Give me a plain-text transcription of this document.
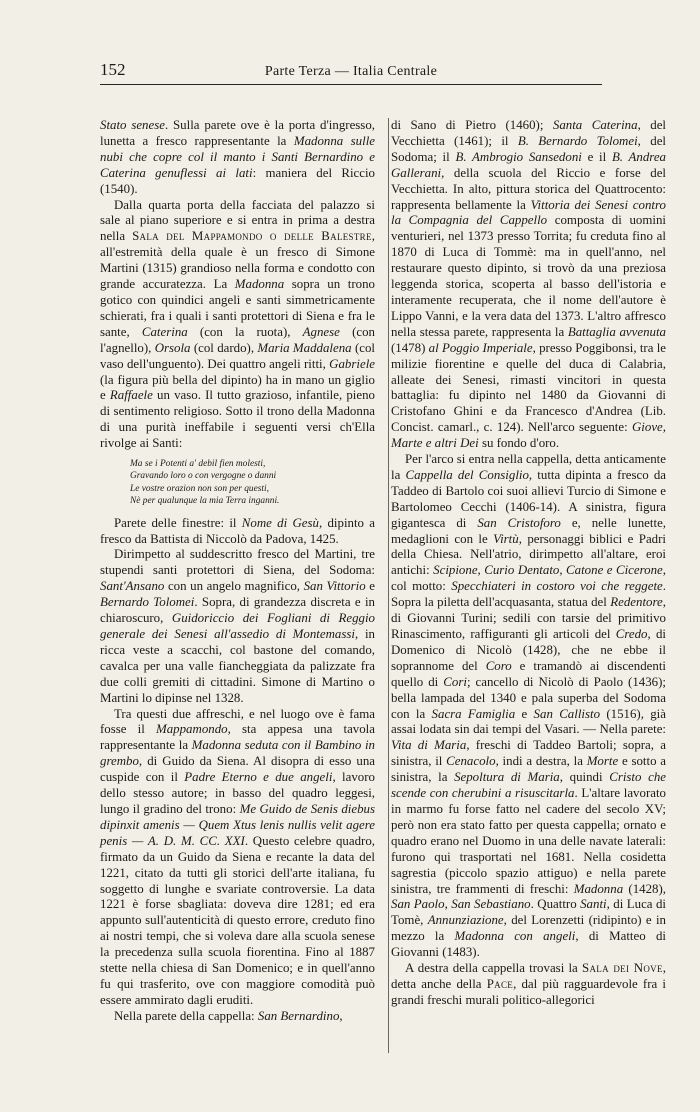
152	Parte Terza — Italia Centrale

Stato senese. Sulla parete ove è la porta d'ingresso, lunetta a fresco rappresentante la Madonna sulle nubi che copre col il manto i Santi Bernardino e Caterina genuflessi ai lati: maniera del Riccio (1540).

Dalla quarta porta della facciata del palazzo si sale al piano superiore e si entra in prima a destra nella Sala del Mappamondo o delle Balestre, all'estremità della quale è un fresco di Simone Martini (1315) grandioso nella forma e condotto con grande accuratezza. La Madonna sopra un trono gotico con quindici angeli e santi simmetricamente schierati, fra i quali i santi protettori di Siena e fra le sante, Caterina (con la ruota), Agnese (con l'agnello), Orsola (col dardo), Maria Maddalena (col vaso dell'unguento). Dei quattro angeli ritti, Gabriele (la figura più bella del dipinto) ha in mano un giglio e Raffaele un vaso. Il tutto grazioso, infantile, pieno di sentimento religioso. Sotto il trono della Madonna di una purità ineffabile i seguenti versi ch'Ella rivolge ai Santi:

Ma se i Potenti a' debil fien molesti,
Gravando loro o con vergogne o danni
Le vostre orazion non son per questi,
Nè per qualunque la mia Terra inganni.

Parete delle finestre: il Nome di Gesù, dipinto a fresco da Battista di Niccolò da Padova, 1425.

Dirimpetto al suddescritto fresco del Martini, tre stupendi santi protettori di Siena, del Sodoma: Sant'Ansano con un angelo magnifico, San Vittorio e Bernardo Tolomei. Sopra, di grandezza discreta e in chiaroscuro, Guidoriccio dei Fogliani di Reggio generale dei Senesi all'assedio di Montemassi, in ricca veste a scacchi, col bastone del comando, cavalca per una valle fiancheggiata da palizzate fra due colli gremiti di cittadini. Simone di Martino o Martini lo dipinse nel 1328.

Tra questi due affreschi, e nel luogo ove è fama fosse il Mappamondo, sta appesa una tavola rappresentante la Madonna seduta con il Bambino in grembo, di Guido da Siena. Al disopra di esso una cuspide con il Padre Eterno e due angeli, lavoro dello stesso autore; in basso del quadro leggesi, lungo il gradino del trono: Me Guido de Senis diebus dipinxit amenis — Quem Xtus lenis nullis velit agere penis — A. D. M. CC. XXI. Questo celebre quadro, firmato da un Guido da Siena e recante la data del 1221, citato da tutti gli storici dell'arte italiana, fu soggetto di lunghe e svariate controversie. La data 1221 è forse sbagliata: doveva dire 1281; ed era appunto sull'autenticità di questo errore, creduto fino ai nostri tempi, che si voleva dare alla scuola senese la precedenza sulla scuola fiorentina. Fino al 1887 stette nella chiesa di San Domenico; e in quell'anno fu qui trasferito, ove con maggiore comodità può essere ammirato dagli eruditi.

Nella parete della cappella: San Bernardino,

di Sano di Pietro (1460); Santa Caterina, del Vecchietta (1461); il B. Bernardo Tolomei, del Sodoma; il B. Ambrogio Sansedoni e il B. Andrea Gallerani, della scuola del Riccio e forse del Vecchietta. In alto, pittura storica del Quattrocento: rappresenta bellamente la Vittoria dei Senesi contro la Compagnia del Cappello composta di uomini venturieri, nel 1373 presso Torrita; fu creduta fino al 1870 di Luca di Tommè: ma in quell'anno, nel restaurare questo dipinto, si trovò da una preziosa leggenda storica, scoperta al basso dell'istoria e interamente recuperata, che il nome dell'autore è Lippo Vanni, e la vera data del 1373. L'altro affresco nella stessa parete, rappresenta la Battaglia avvenuta (1478) al Poggio Imperiale, presso Poggibonsi, tra le milizie fiorentine e quelle del duca di Calabria, alleate dei Senesi, rimasti vincitori in questa battaglia: fu dipinto nel 1480 da Giovanni di Cristofano Ghini e da Francesco d'Andrea (Lib. Concist. camarl., c. 124). Nell'arco seguente: Giove, Marte e altri Dei su fondo d'oro.

Per l'arco si entra nella cappella, detta anticamente la Cappella del Consiglio, tutta dipinta a fresco da Taddeo di Bartolo coi suoi allievi Turcio di Simone e Bartolomeo Cecchi (1406-14). A sinistra, figura gigantesca di San Cristoforo e, nelle lunette, medaglioni con le Virtù, personaggi biblici e Padri della Chiesa. Nell'atrio, dirimpetto all'altare, eroi antichi: Scipione, Curio Dentato, Catone e Cicerone, col motto: Specchiateri in costoro voi che reggete. Sopra la piletta dell'acquasanta, statua del Redentore, di Giovanni Turini; sedili con tarsie del primitivo Rinascimento, raffiguranti gli articoli del Credo, di Domenico di Nicolò (1428), che ne ebbe il soprannome del Coro e tramandò ai discendenti quello di Cori; cancello di Nicolò di Paolo (1436); bella lampada del 1340 e pala superba del Sodoma con la Sacra Famiglia e San Callisto (1516), già assai lodata sin dai tempi del Vasari. — Nella parete: Vita di Maria, freschi di Taddeo Bartoli; sopra, a sinistra, il Cenacolo, indi a destra, la Morte e sotto a sinistra, la Sepoltura di Maria, quindi Cristo che scende con cherubini a risuscitarla. L'altare lavorato in marmo fu forse fatto nel cadere del secolo XV; però non era stato fatto per questa cappella; ornato e quadro erano nel Duomo in una delle navate laterali: furono qui trasportati nel 1681. Nella cosidetta sagrestia (piccolo spazio attiguo) e nella parete sinistra, tre frammenti di freschi: Madonna (1428), San Paolo, San Sebastiano. Quattro Santi, di Luca di Tomè, Annunziazione, del Lorenzetti (ridipinto) e in mezzo la Madonna con angeli, di Matteo di Giovanni (1483).

A destra della cappella trovasi la Sala dei Nove, detta anche della Pace, dal più ragguardevole fra i grandi freschi murali politico-allegorici
